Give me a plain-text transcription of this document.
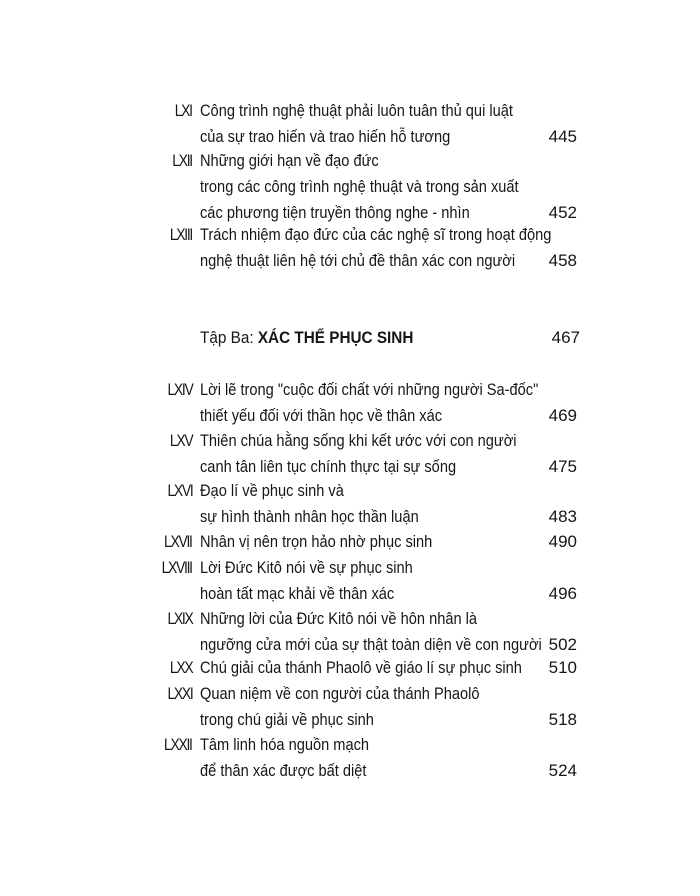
LXI Công trình nghệ thuật phải luôn tuân thủ qui luật
của sự trao hiến và trao hiến hỗ tương	445
LXII Những giới hạn về đạo đức
trong các công trình nghệ thuật và trong sản xuất
các phương tiện truyền thông nghe - nhìn	452
LXIII Trách nhiệm đạo đức của các nghệ sĩ trong hoạt động
nghệ thuật liên hệ tới chủ đề thân xác con người 458
Tập Ba: XÁC THỂ PHỤC SINH	467
LXIV Lời lẽ trong "cuộc đối chất với những người Sa-đốc"
thiết yếu đối với thần học về thân xác	469
LXV Thiên chúa hằng sống khi kết ước với con người
canh tân liên tục chính thực tại sự sống	475
LXVI Đạo lí về phục sinh và
sự hình thành nhân học thần luận	483
LXVII Nhân vị nên trọn hảo nhờ phục sinh	490
LXVIII Lời Đức Kitô nói về sự phục sinh
hoàn tất mạc khải về thân xác	496
LXIX Những lời của Đức Kitô nói về hôn nhân là
ngưỡng cửa mới của sự thật toàn diện về con người 502
LXX Chú giải của thánh Phaolô về giáo lí sự phục sinh 510
LXXI Quan niệm về con người của thánh Phaolô
trong chú giải về phục sinh	518
LXXII Tâm linh hóa nguồn mạch
để thân xác được bất diệt	524
